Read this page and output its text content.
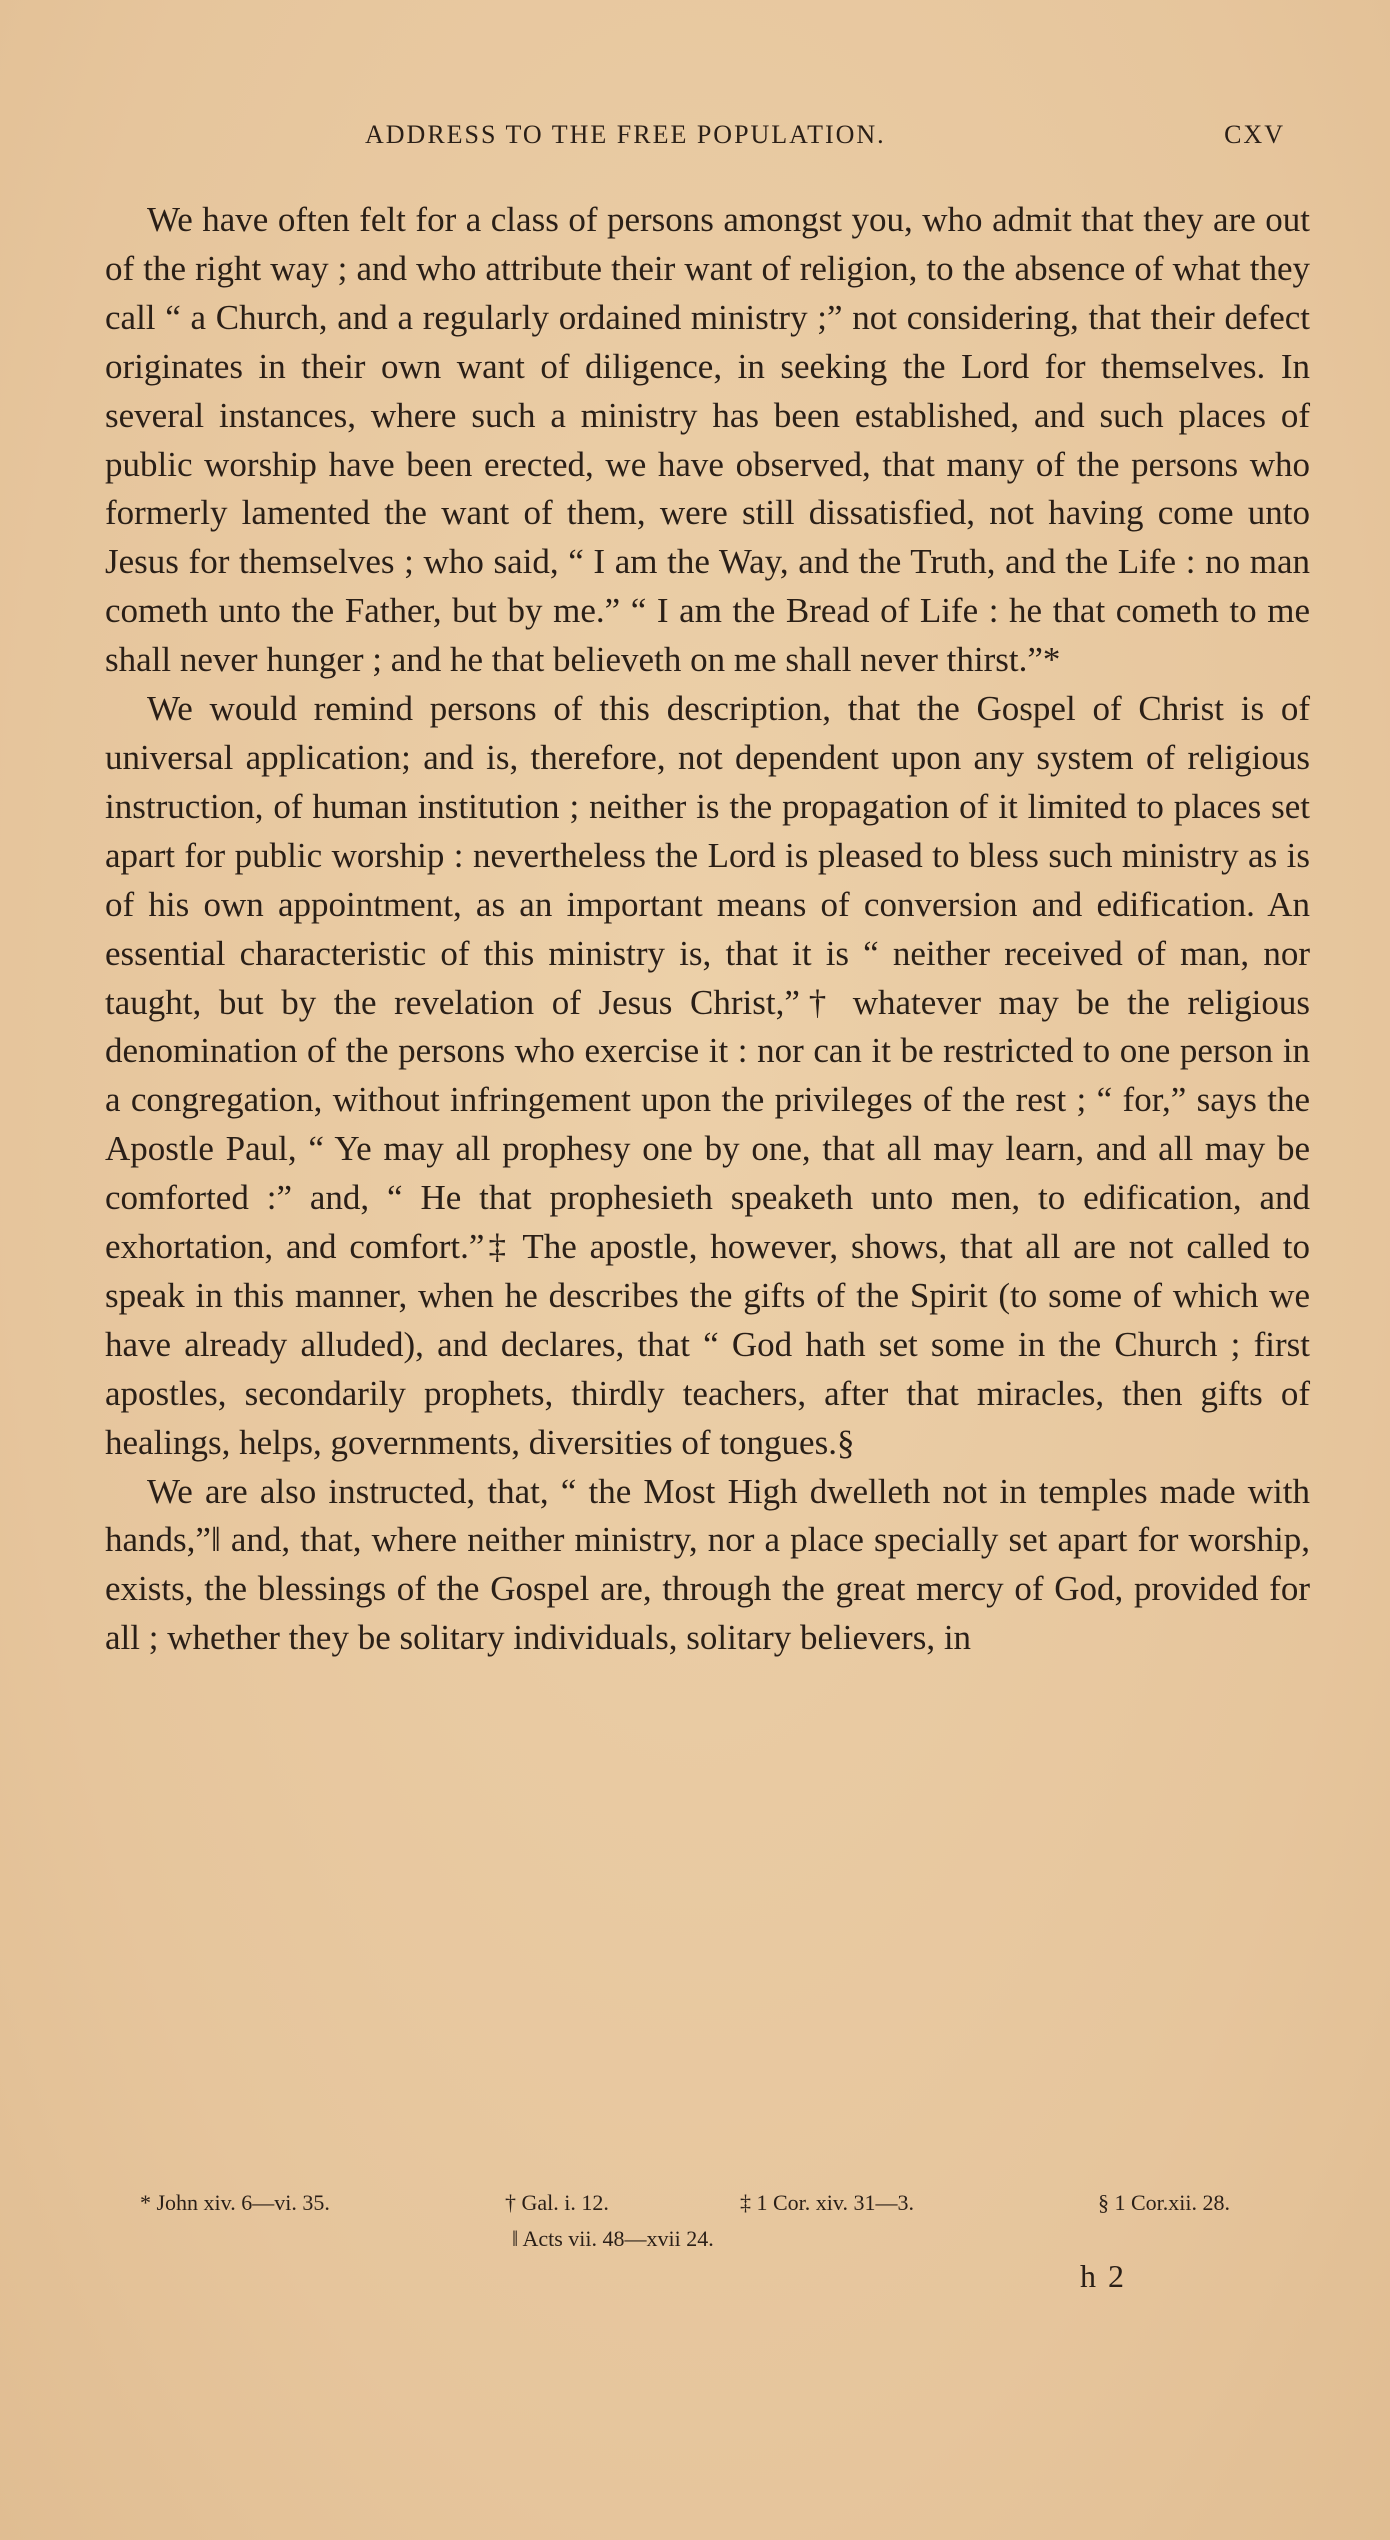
ADDRESS TO THE FREE POPULATION.	CXV

We have often felt for a class of persons amongst you, who admit that they are out of the right way ; and who attribute their want of religion, to the absence of what they call “ a Church, and a regularly ordained ministry ;” not considering, that their defect originates in their own want of diligence, in seeking the Lord for themselves. In several instances, where such a ministry has been established, and such places of public worship have been erected, we have observed, that many of the persons who formerly lamented the want of them, were still dissatisfied, not having come unto Jesus for themselves ; who said, “ I am the Way, and the Truth, and the Life : no man cometh unto the Father, but by me.” “ I am the Bread of Life : he that cometh to me shall never hunger ; and he that believeth on me shall never thirst.”*

We would remind persons of this description, that the Gospel of Christ is of universal application; and is, therefore, not dependent upon any system of religious instruction, of human institution ; neither is the propagation of it limited to places set apart for public worship : nevertheless the Lord is pleased to bless such ministry as is of his own appointment, as an important means of conversion and edification. An essential characteristic of this ministry is, that it is “ neither received of man, nor taught, but by the revelation of Jesus Christ,”† whatever may be the religious denomination of the persons who exercise it : nor can it be restricted to one person in a congregation, without infringement upon the privileges of the rest ; “ for,” says the Apostle Paul, “ Ye may all prophesy one by one, that all may learn, and all may be comforted :” and, “ He that prophesieth speaketh unto men, to edification, and exhortation, and comfort.”‡ The apostle, however, shows, that all are not called to speak in this manner, when he describes the gifts of the Spirit (to some of which we have already alluded), and declares, that “ God hath set some in the Church ; first apostles, secondarily prophets, thirdly teachers, after that miracles, then gifts of healings, helps, governments, diversities of tongues.§

We are also instructed, that, “ the Most High dwelleth not in temples made with hands,”‖ and, that, where neither ministry, nor a place specially set apart for worship, exists, the blessings of the Gospel are, through the great mercy of God, provided for all ; whether they be solitary individuals, solitary believers, in

* John xiv. 6—vi. 35.	† Gal. i. 12.	‡ 1 Cor. xiv. 31—3.	§ 1 Cor.xii. 28.
‖ Acts vii. 48—xvii 24.
h 2
